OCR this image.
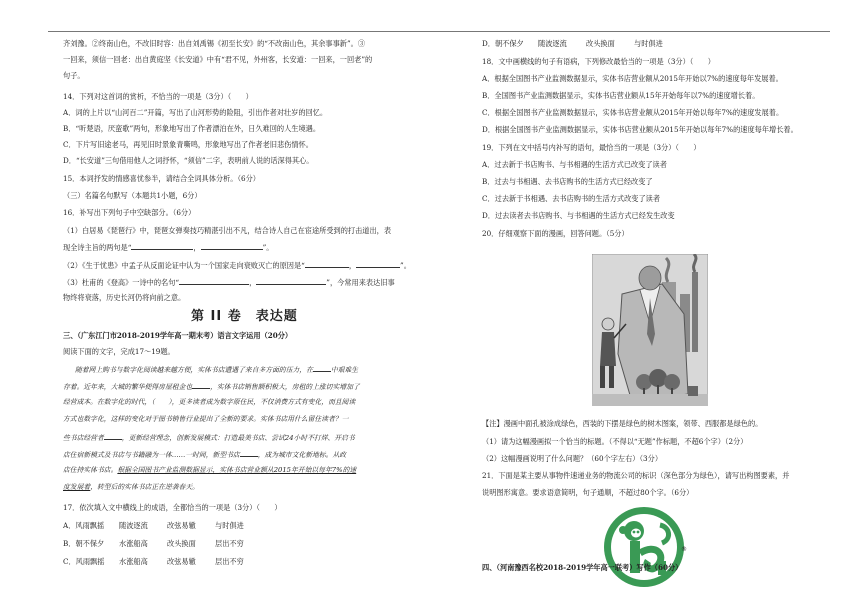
齐刘豫。②终南山色，不改旧时容：出自刘禹锡《初至长安》的“不改南山色，其余事事新”。③
一回来，须信一回老：出自黄庭坚《长安道》中有“君不见，外州客，长安道：一回来，一回老”的
句子。
14．下列对这首词的赏析，不恰当的一项是（3分）（　　）
A．词的上片以“山河百二”开篇，写出了山河形势的险阻，引出作者对壮岁的回忆。
B．“听楚语，厌蛮歌”两句，形象地写出了作者漂泊在外，日久难回的人生境遇。
C．下片写旧途老马，再见旧时景象青嘶鸣，形象地写出了作者老旧悲伤情怀。
D．“长安道”三句借用他人之词抒怀，“须信”二字，表明前人说的话深得其心。
15．本词抒发的情感喜忧参半，请结合全词具体分析。（6分）
（三）名篇名句默写（本题共1小题，6分）
16．补写出下列句子中空缺部分。（6分）
（1）白居易《琵琶行》中，琵琶女弹奏技巧精湛引出不凡，结合诗人自己在宦途所受到的打击道出，表
现全诗主旨的两句是“	，	”。
（2）《生于忧患》中孟子从反面论证中认为一个国家走向衰败灭亡的原因是“	，	”。
（3）杜甫的《登高》一诗中的名句“	，	”，今常用来表达旧事
物终将衰落，历史长河仍将向前之意。
第 II 卷　表达题
三、（广东江门市2018-2019学年高一期末考）语言文字运用（20分）
阅读下面的文字，完成17～19题。
随着网上购书与数字化阅读越来越方便，实体书店遭遇了来自多方面的压力，在	中艰难生
存着。近年来，大城的繁华便得房屋租金也	，实体书店销售额积极大，房租的上涨切实增加了
经营成本。在数字化的时代，（　　），更多读者成为数字原住民，不仅消费方式有变化，而且阅读
方式也数字化，这样的变化对于图书销售行业提出了全新的要求。实体书店用什么留住读者？一
些书店经营者	，更新经营理念，创新发展模式：打造最美书店、尝试24小时不打烊、开启书
店住宿新模式及书店与书籍融为一体……一时间，新型书店	，成为城市文化新地标。从政
店住持实体书店。根据全国图书产业监测数据显示，实体书店营业额从2015年开始以每年7%的速
度发展着，转型后的实体书店正在逆袭春天。
17．依次填入文中横线上的成语，全都恰当的一项是（3分）（　　）
A．风雨飘摇 随波逐流	改弦易辙	与时俱进
B．朝不保夕 水涨船高	改头换面	层出不穷
C．风雨飘摇 水涨船高	改弦易辙	层出不穷
D．朝不保夕 随波逐流	改头换面	与时俱进
18．文中画横线的句子有语病，下列修改最恰当的一项是（3分）（　　）
A．根据全国图书产业监测数据显示，实体书店营业额从2015年开始以7%的速度每年发展着。
B．全国图书产业监测数据显示，实体书店营业额从15年开始每年以7%的速度增长着。
C．根据全国图书产业监测数据显示，实体书店营业额从2015年开始以每年7%的速度发展着。
D．根据全国图书产业监测数据显示，实体书店营业额从2015年开始以每年7%的速度每年增长着。
19．下列在文中括号内补写的语句，最恰当的一项是（3分）（　　）
A．过去新于书店购书、与书相遇的生活方式已改变了读者
B．过去与书相遇、去书店购书的生活方式已经改变了
C．过去新于书相遇、去书店购书的生活方式改变了读者
D．过去读者去书店购书、与书相遇的生活方式已经发生改变
20．仔细观察下面的漫画，回答问题。（5分）
【注】漫画中面孔被涂成绿色，西装的下摆是绿色的树木图案，领带、西服都是绿色的。
（1）请为这幅漫画拟一个恰当的标题。（不得以“无题”作标题，不超6个字）（2分）
（2）这幅漫画说明了什么问题？（60个字左右）（3分）
21．下面是某主要从事物件速递业务的物流公司的标识（深色部分为绿色），请写出构图要素，并
说明图形寓意。要求语意简明，句子通顺，不超过80个字。（6分）
®
四、（河南豫西名校2018-2019学年高一联考）写作（60分）
